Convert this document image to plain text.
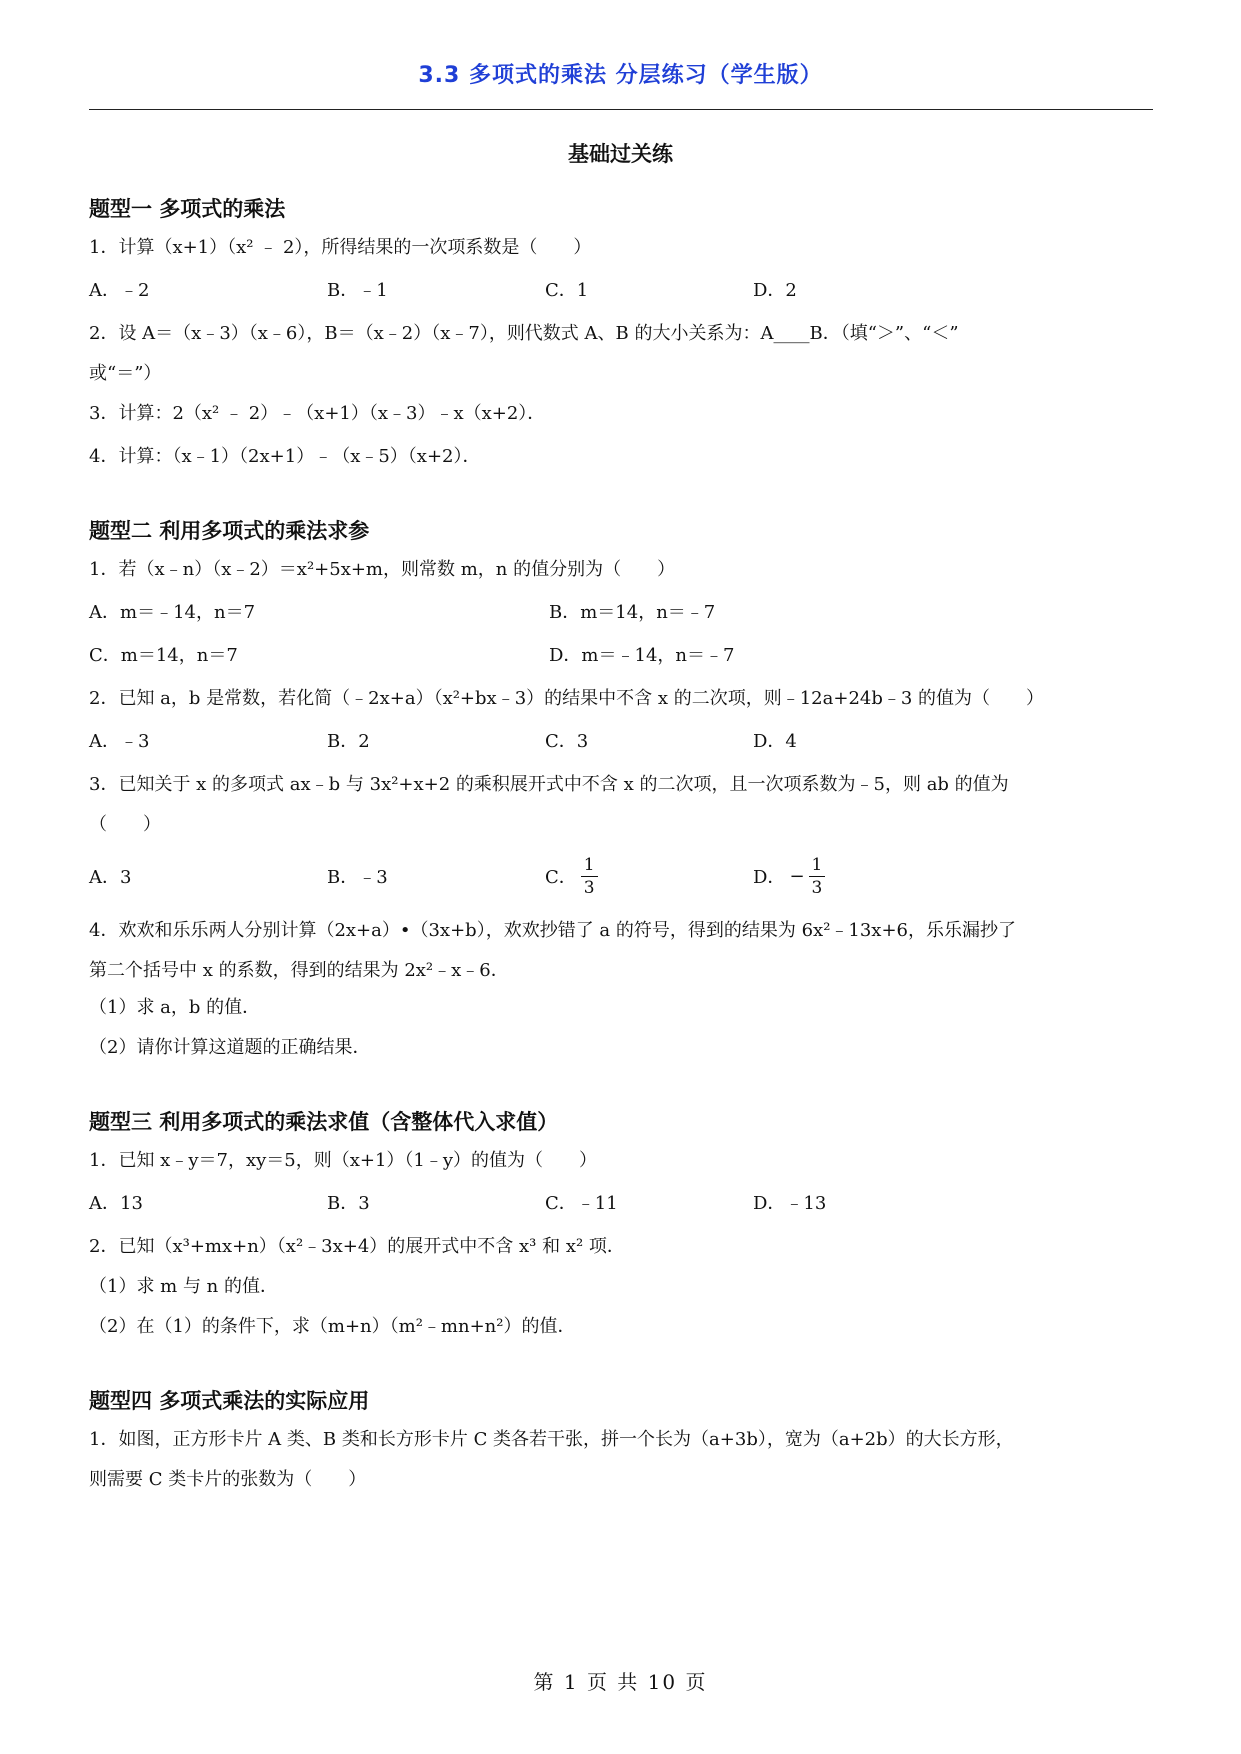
3.3 多项式的乘法 分层练习（学生版）
基础过关练
题型一 多项式的乘法
1．计算（x+1）（x² ﹣ 2），所得结果的一次项系数是（　　）
A．﹣2	B．﹣1	C．1	D．2
2．设 A＝（x﹣3）（x﹣6），B＝（x﹣2）（x﹣7），则代数式 A、B 的大小关系为：A____B．（填“＞”、“＜”
或“＝”）
3．计算：2（x² ﹣ 2）﹣（x+1）（x﹣3）﹣x（x+2）．
4．计算：（x﹣1）（2x+1）﹣（x﹣5）（x+2）．
题型二 利用多项式的乘法求参
1．若（x﹣n）（x﹣2）＝x²+5x+m，则常数 m，n 的值分别为（　　）
A．m＝﹣14，n＝7	B．m＝14，n＝﹣7
C．m＝14，n＝7	D．m＝﹣14，n＝﹣7
2．已知 a，b 是常数，若化简（﹣2x+a）（x²+bx﹣3）的结果中不含 x 的二次项，则﹣12a+24b﹣3 的值为（　　）
A．﹣3	B．2	C．3	D．4
3．已知关于 x 的多项式 ax﹣b 与 3x²+x+2 的乘积展开式中不含 x 的二次项，且一次项系数为﹣5，则 ab 的值为
（　　）
A．3	B．﹣3	C． $\frac{1}{3}$	D． − $\frac{1}{3}$
4．欢欢和乐乐两人分别计算（2x+a）•（3x+b），欢欢抄错了 a 的符号，得到的结果为 6x²﹣13x+6，乐乐漏抄了
第二个括号中 x 的系数，得到的结果为 2x²﹣x﹣6．
（1）求 a，b 的值．
（2）请你计算这道题的正确结果．
题型三 利用多项式的乘法求值（含整体代入求值）
1．已知 x﹣y＝7，xy＝5，则（x+1）（1﹣y）的值为（　　）
A．13	B．3	C．﹣11	D．﹣13
2．已知（x³+mx+n）（x²﹣3x+4）的展开式中不含 x³ 和 x² 项．
（1）求 m 与 n 的值．
（2）在（1）的条件下，求（m+n）（m²﹣mn+n²）的值．
题型四 多项式乘法的实际应用
1．如图，正方形卡片 A 类、B 类和长方形卡片 C 类各若干张，拼一个长为（a+3b），宽为（a+2b）的大长方形，
则需要 C 类卡片的张数为（　　）
第 1 页 共 10 页
